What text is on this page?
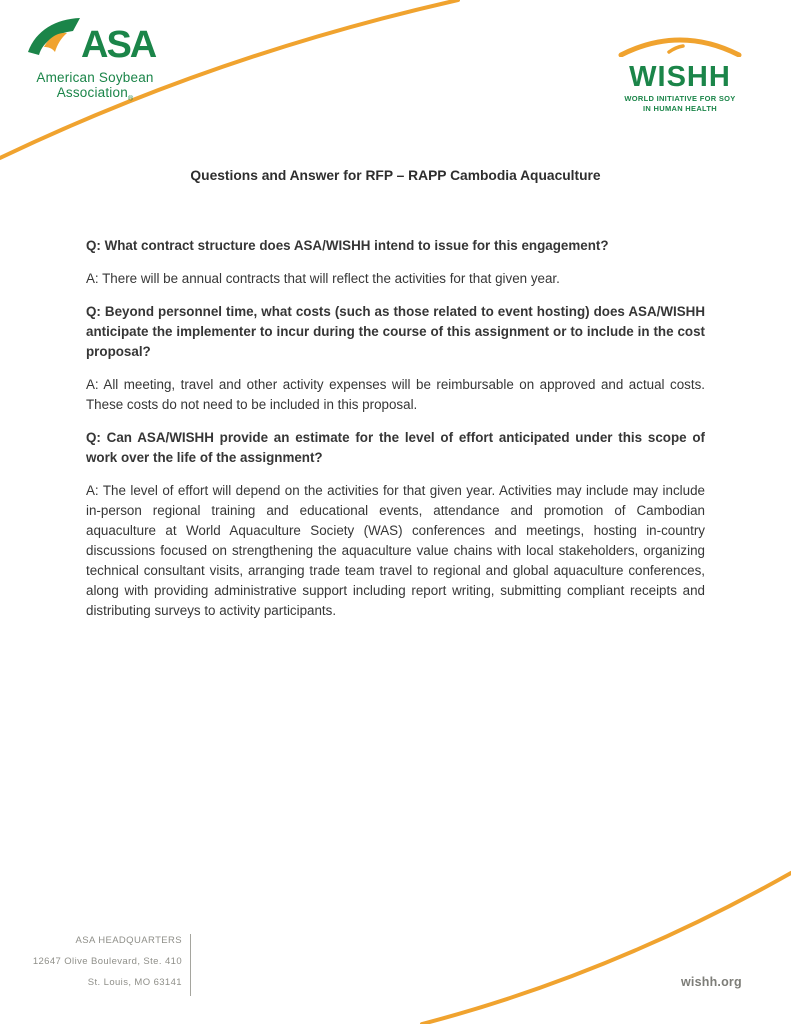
ASA
American Soybean
Association$_®$
WISHH
WORLD INITIATIVE FOR SOY
IN HUMAN HEALTH
Questions and Answer for RFP – RAPP Cambodia Aquaculture

Q: What contract structure does ASA/WISHH intend to issue for this engagement?

A: There will be annual contracts that will reflect the activities for that given year.

Q: Beyond personnel time, what costs (such as those related to event hosting) does ASA/WISHH anticipate the implementer to incur during the course of this assignment or to include in the cost proposal?

A: All meeting, travel and other activity expenses will be reimbursable on approved and actual costs. These costs do not need to be included in this proposal.

Q: Can ASA/WISHH provide an estimate for the level of effort anticipated under this scope of work over the life of the assignment?

A: The level of effort will depend on the activities for that given year. Activities may include may include in-person regional training and educational events, attendance and promotion of Cambodian aquaculture at World Aquaculture Society (WAS) conferences and meetings, hosting in-country discussions focused on strengthening the aquaculture value chains with local stakeholders, organizing technical consultant visits, arranging trade team travel to regional and global aquaculture conferences, along with providing administrative support including report writing, submitting compliant receipts and distributing surveys to activity participants.

ASA HEADQUARTERS
12647 Olive Boulevard, Ste. 410
St. Louis, MO 63141	wishh.org
